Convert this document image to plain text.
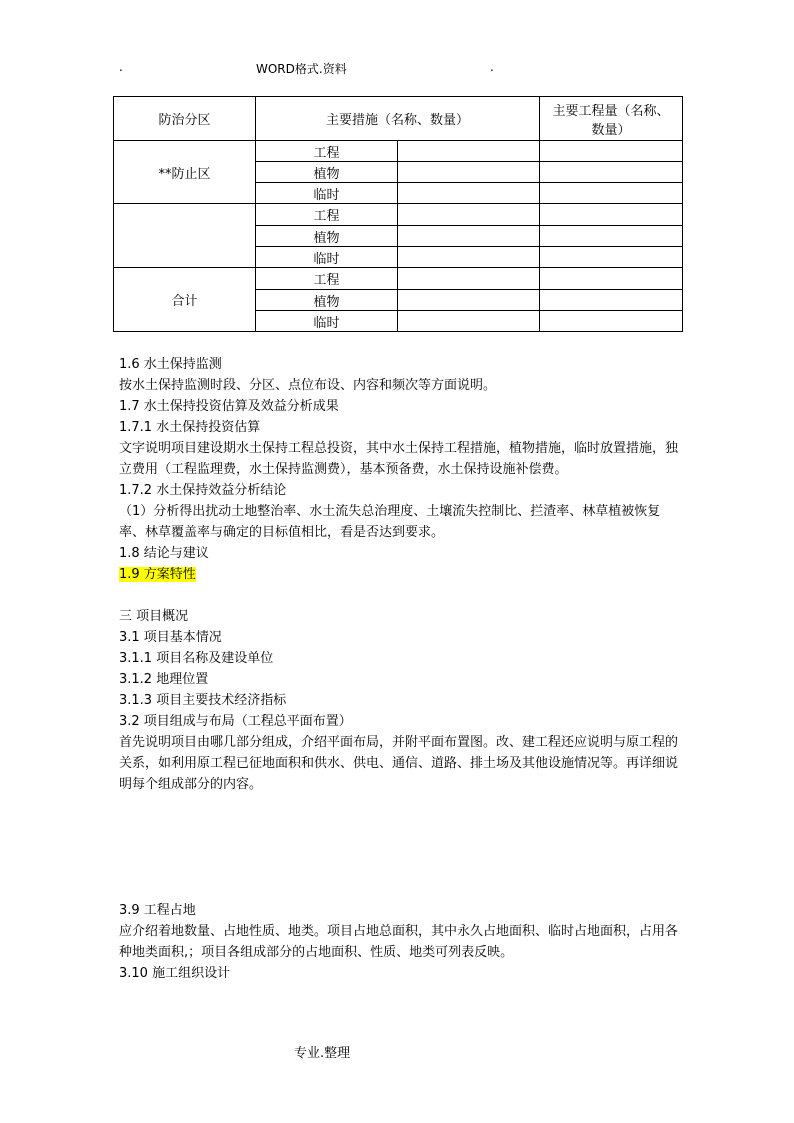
.	WORD格式.资料	.
防治分区	主要措施（名称、数量）		主要工程量（名称、数量）
**防止区	工程		
	植物		
	临时		
	工程		
	植物		
	临时		
合计	工程		
	植物		
	临时		

1.6 水土保持监测

按水土保持监测时段、分区、点位布设、内容和频次等方面说明。

1.7 水土保持投资估算及效益分析成果

1.7.1 水土保持投资估算

文字说明项目建设期水土保持工程总投资，其中水土保持工程措施，植物措施，临时放置措施，独立费用（工程监理费，水土保持监测费），基本预备费，水土保持设施补偿费。

1.7.2 水土保持效益分析结论

（1）分析得出扰动土地整治率、水土流失总治理度、土壤流失控制比、拦渣率、林草植被恢复率、林草覆盖率与确定的目标值相比，看是否达到要求。

1.8 结论与建议

1.9 方案特性

三 项目概况

3.1 项目基本情况

3.1.1 项目名称及建设单位

3.1.2 地理位置

3.1.3 项目主要技术经济指标

3.2 项目组成与布局（工程总平面布置）

首先说明项目由哪几部分组成，介绍平面布局，并附平面布置图。改、建工程还应说明与原工程的关系，如利用原工程已征地面积和供水、供电、通信、道路、排土场及其他设施情况等。再详细说明每个组成部分的内容。

3.9 工程占地

应介绍着地数量、占地性质、地类。项目占地总面积，其中永久占地面积、临时占地面积，占用各种地类面积,；项目各组成部分的占地面积、性质、地类可列表反映。

3.10 施工组织设计

专业.整理
